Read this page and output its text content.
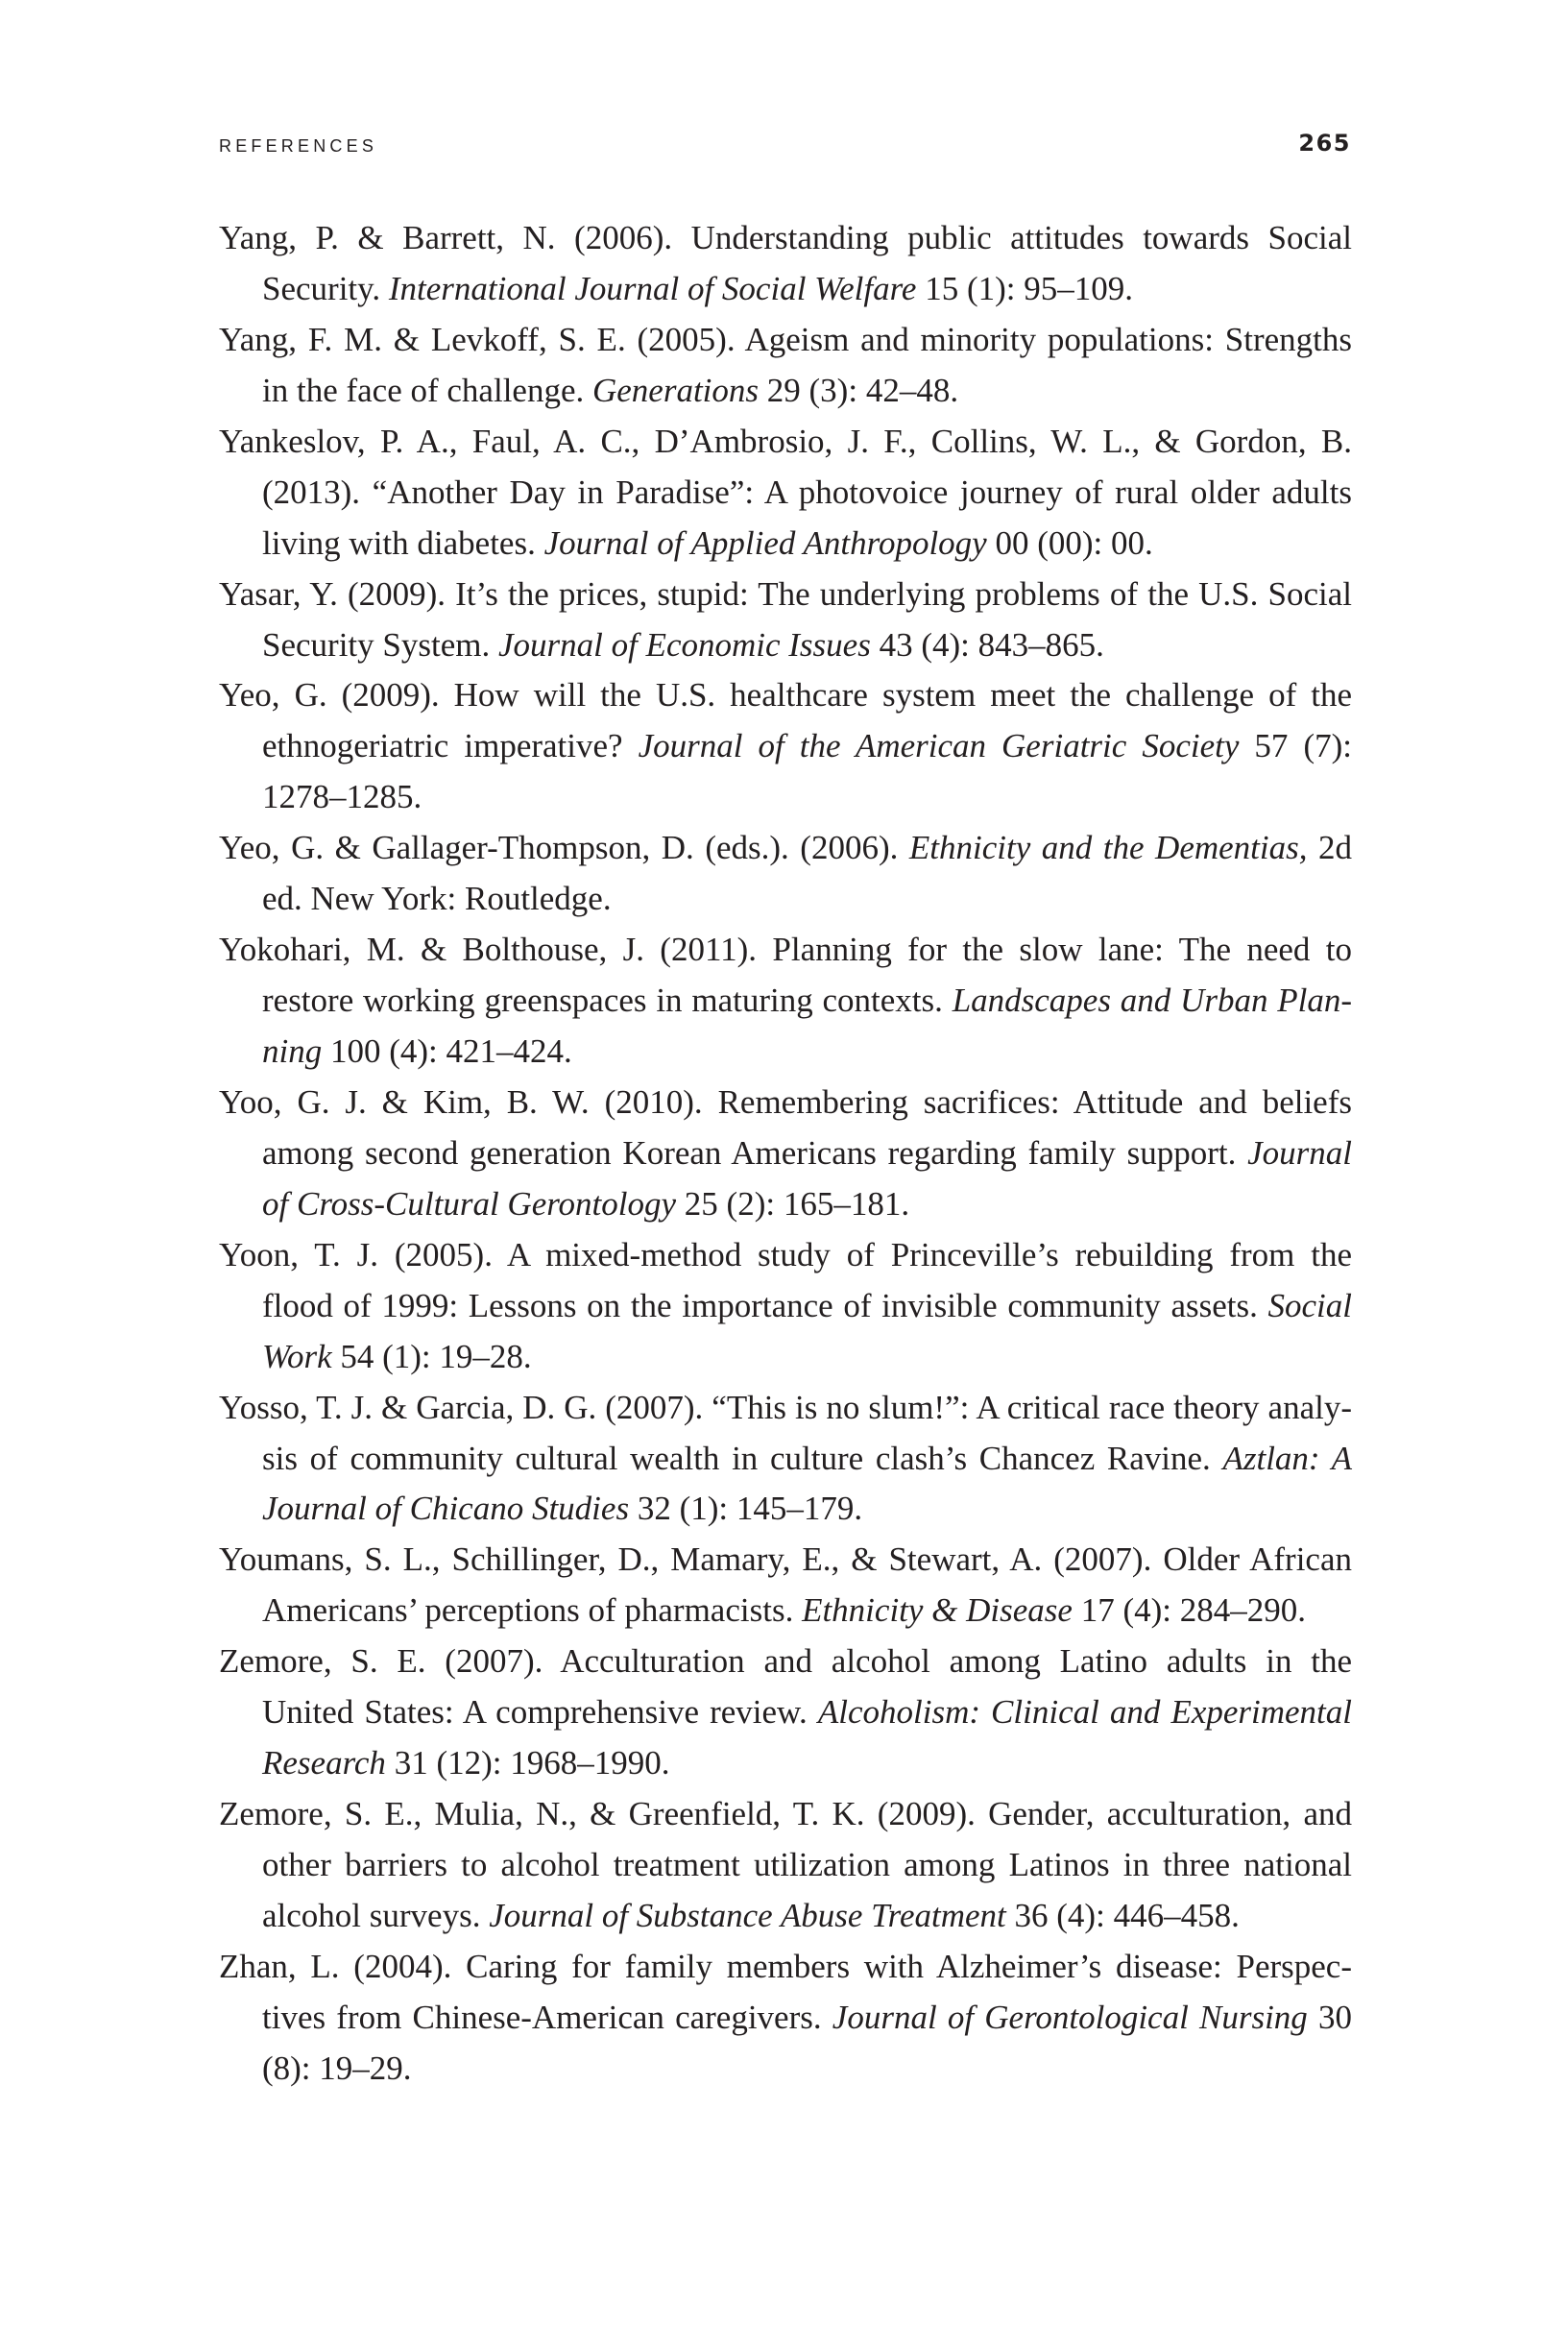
REFERENCES	265
Yang, P. & Barrett, N. (2006). Understanding public attitudes towards Social
Security. International Journal of Social Welfare 15 (1): 95–109.
Yang, F. M. & Levkoff, S. E. (2005). Ageism and minority populations: Strengths
in the face of challenge. Generations 29 (3): 42–48.
Yankeslov, P. A., Faul, A. C., D’Ambrosio, J. F., Collins, W. L., & Gordon, B.
(2013). “Another Day in Paradise”: A photovoice journey of rural older adults
living with diabetes. Journal of Applied Anthropology 00 (00): 00.
Yasar, Y. (2009). It’s the prices, stupid: The underlying problems of the U.S. Social
Security System. Journal of Economic Issues 43 (4): 843–865.
Yeo, G. (2009). How will the U.S. healthcare system meet the challenge of the
ethnogeriatric imperative? Journal of the American Geriatric Society 57 (7):
1278–1285.
Yeo, G. & Gallager-Thompson, D. (eds.). (2006). Ethnicity and the Dementias, 2d
ed. New York: Routledge.
Yokohari, M. & Bolthouse, J. (2011). Planning for the slow lane: The need to
restore working greenspaces in maturing contexts. Landscapes and Urban Plan-
ning 100 (4): 421–424.
Yoo, G. J. & Kim, B. W. (2010). Remembering sacrifices: Attitude and beliefs
among second generation Korean Americans regarding family support. Journal
of Cross-Cultural Gerontology 25 (2): 165–181.
Yoon, T. J. (2005). A mixed-method study of Princeville’s rebuilding from the
flood of 1999: Lessons on the importance of invisible community assets. Social
Work 54 (1): 19–28.
Yosso, T. J. & Garcia, D. G. (2007). “This is no slum!”: A critical race theory analy-
sis of community cultural wealth in culture clash’s Chancez Ravine. Aztlan: A
Journal of Chicano Studies 32 (1): 145–179.
Youmans, S. L., Schillinger, D., Mamary, E., & Stewart, A. (2007). Older African
Americans’ perceptions of pharmacists. Ethnicity & Disease 17 (4): 284–290.
Zemore, S. E. (2007). Acculturation and alcohol among Latino adults in the
United States: A comprehensive review. Alcoholism: Clinical and Experimental
Research 31 (12): 1968–1990.
Zemore, S. E., Mulia, N., & Greenfield, T. K. (2009). Gender, acculturation, and
other barriers to alcohol treatment utilization among Latinos in three national
alcohol surveys. Journal of Substance Abuse Treatment 36 (4): 446–458.
Zhan, L. (2004). Caring for family members with Alzheimer’s disease: Perspec-
tives from Chinese-American caregivers. Journal of Gerontological Nursing 30
(8): 19–29.
